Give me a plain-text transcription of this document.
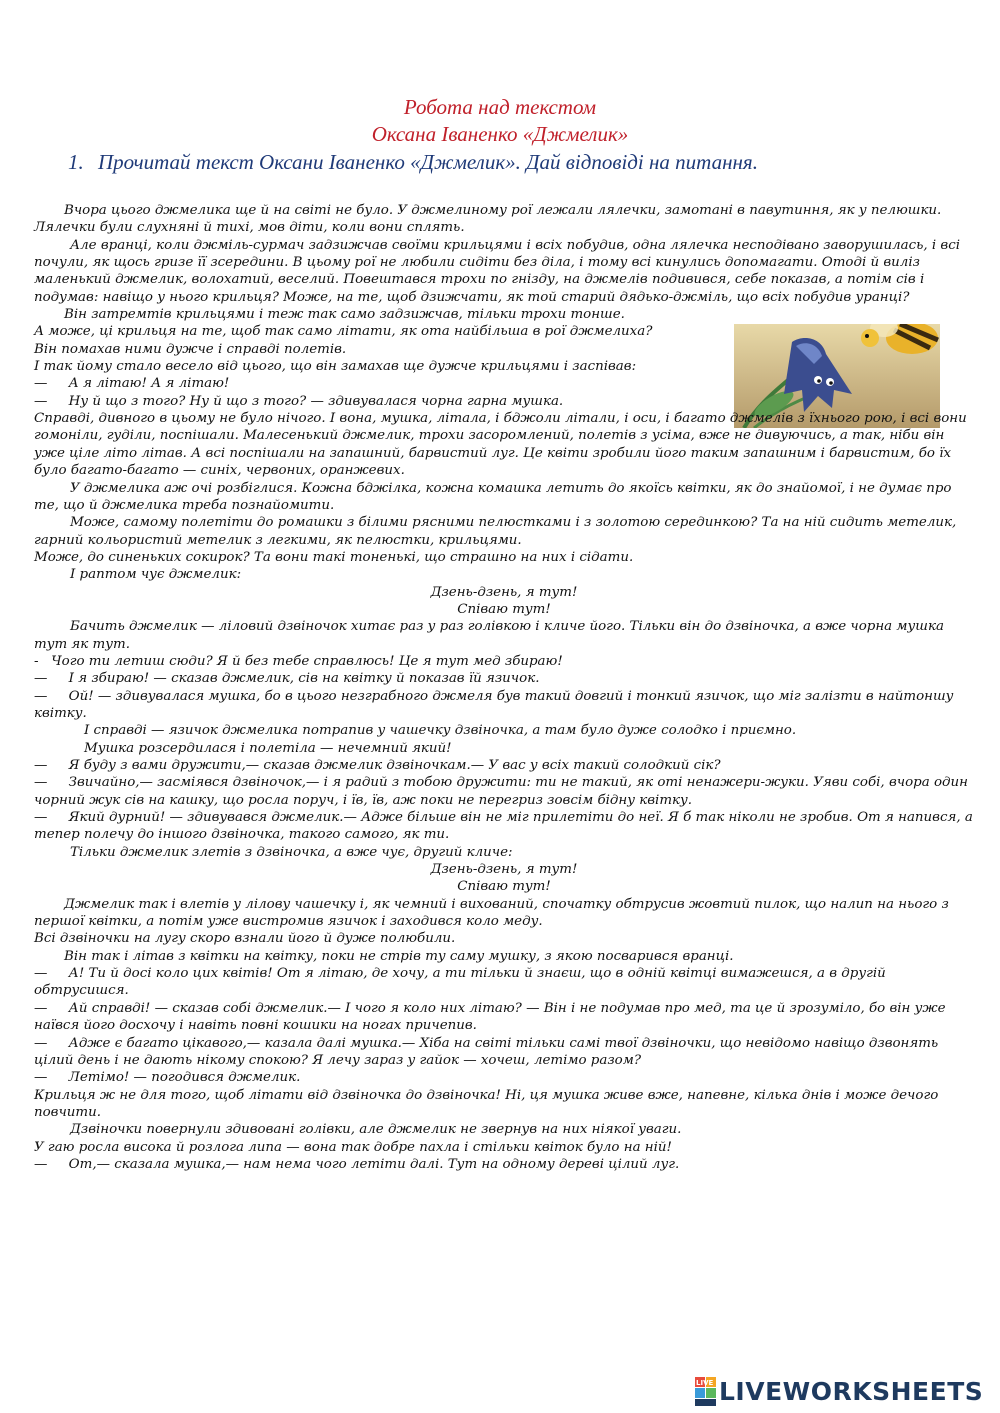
Робота над текстом
Оксана Іваненко «Джмелик»
1. Прочитай текст Оксани Іваненко «Джмелик». Дай відповіді на питання.

Вчора цього джмелика ще й на світі не було. У джмелиному рої лежали лялечки, замотані в павутиння, як у пелюшки. Лялечки були слухняні й тихі, мов діти, коли вони сплять.

Але вранці, коли джміль-сурмач задзижчав своїми крильцями і всіх побудив, одна лялечка несподівано заворушилась, і всі почули, як щось гризе її зсередини. В цьому рої не любили сидіти без діла, і тому всі кинулись допомагати. Отоді й виліз маленький джмелик, волохатий, веселий. Повештався трохи по гнізду, на джмелів подивився, себе показав, а потім сів і подумав: навіщо у нього крильця? Може, на те, щоб дзижчати, як той старий дядько-джміль, що всіх побудив уранці?

Він затремтів крильцями і теж так само задзижчав, тільки трохи тонше.

А може, ці крильця на те, щоб так само літати, як ота найбільша в рої джмелиха?

Він помахав ними дужче і справді полетів.

І так йому стало весело від цього, що він замахав ще дужче крильцями і заспівав:

—     А я літаю! А я літаю!

—     Ну й що з того? Ну й що з того? — здивувалася чорна гарна мушка.

Справді, дивного в цьому не було нічого. І вона, мушка, літала, і бджоли літали, і оси, і багато джмелів з їхнього рою, і всі вони гомоніли, гуділи, поспішали. Малесенький джмелик, трохи засоромлений, полетів з усіма, вже не дивуючись, а так, ніби він уже ціле літо літав. А всі поспішали на запашний, барвистий луг. Це квіти зробили його таким запашним і барвистим, бо їх було багато-багато — синіх, червоних, оранжевих.

У джмелика аж очі розбіглися. Кожна бджілка, кожна комашка летить до якоїсь квітки, як до знайомої, і не думає про те, що й джмелика треба познайомити.

Може, самому полетіти до ромашки з білими рясними пелюстками і з золотою серединкою? Та на ній сидить метелик, гарний кольористий метелик з легкими, як пелюстки, крильцями.

Може, до синеньких сокирок? Та вони такі тоненькі, що страшно на них і сідати.

І раптом чує джмелик:

Дзень-дзень, я тут!

Співаю тут!

Бачить джмелик — ліловий дзвіночок хитає раз у раз голівкою і кличе його. Тільки він до дзвіночка, а вже чорна мушка тут як тут.

-   Чого ти летиш сюди? Я й без тебе справлюсь! Це я тут мед збираю!

—     І я збираю! — сказав джмелик, сів на квітку й показав їй язичок.

—     Ой! — здивувалася мушка, бо в цього незграбного джмеля був такий довгий і тонкий язичок, що міг залізти в найтоншу квітку.

І справді — язичок джмелика потрапив у чашечку дзвіночка, а там було дуже солодко і приємно.

Мушка розсердилася і полетіла — нечемний який!

—     Я буду з вами дружити,— сказав джмелик дзвіночкам.— У вас у всіх такий солодкий сік?

—     Звичайно,— засміявся дзвіночок,— і я радий з тобою дружити: ти не такий, як оті ненажери-жуки. Уяви собі, вчора один чорний жук сів на кашку, що росла поруч, і їв, їв, аж поки не перегриз зовсім бідну квітку.

—     Який дурний! — здивувався джмелик.— Адже більше він не міг прилетіти до неї. Я б так ніколи не зробив. От я напився, а тепер полечу до іншого дзвіночка, такого самого, як ти.

Тільки джмелик злетів з дзвіночка, а вже чує, другий кличе:

Дзень-дзень, я тут!

Співаю тут!

Джмелик так і влетів у лілову чашечку і, як чемний і вихований, спочатку обтрусив жовтий пилок, що налип на нього з першої квітки, а потім уже вистромив язичок і заходився коло меду.

Всі дзвіночки на лугу скоро взнали його й дуже полюбили.

Він так і літав з квітки на квітку, поки не стрів ту саму мушку, з якою посварився вранці.

—     А! Ти й досі коло цих квітів! От я літаю, де хочу, а ти тільки й знаєш, що в одній квітці вимажешся, а в другій обтрусишся.

—     Ай справді! — сказав собі джмелик.— І чого я коло них літаю? — Він і не подумав про мед, та це й зрозуміло, бо він уже наївся його досхочу і навіть повні кошики на ногах причепив.

—     Адже є багато цікавого,— казала далі мушка.— Хіба на світі тільки самі твої дзвіночки, що невідомо навіщо дзвонять цілий день і не дають нікому спокою? Я лечу зараз у гайок — хочеш, летімо разом?

—     Летімо! — погодився джмелик.

Крильця ж не для того, щоб літати від дзвіночка до дзвіночка! Ні, ця мушка живе вже, напевне, кілька днів і може дечого повчити.

Дзвіночки повернули здивовані голівки, але джмелик не звернув на них ніякої уваги.

У гаю росла висока й розлога липа — вона так добре пахла і стільки квіток було на ній!

—     От,— сказала мушка,— нам нема чого летіти далі. Тут на одному дереві цілий луг.

LIVE LIVEWORKSHEETS
